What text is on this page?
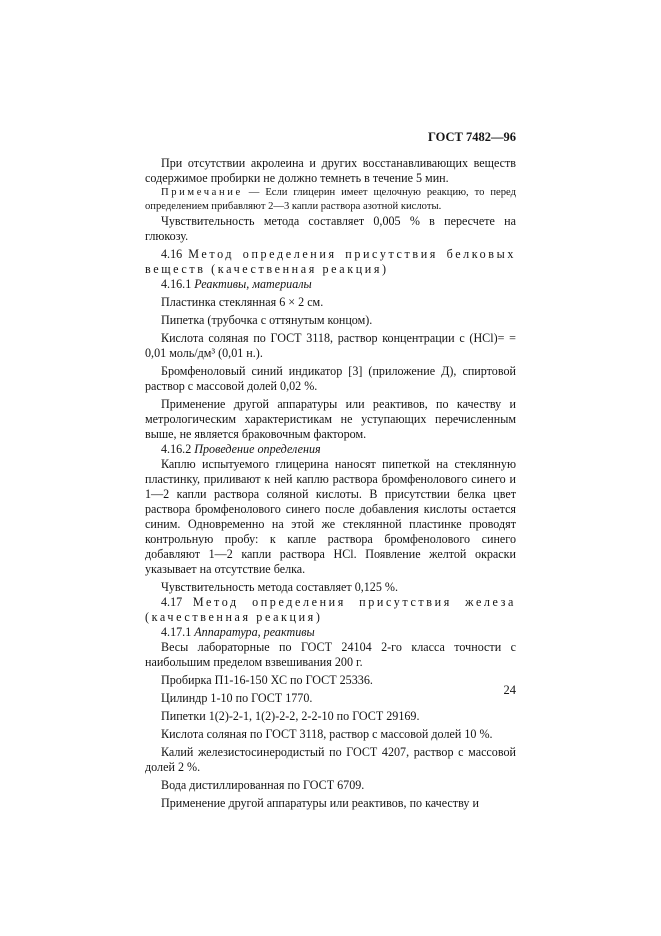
ГОСТ 7482—96

При отсутствии акролеина и других восстанавливающих веществ содержимое пробирки не должно темнеть в течение 5 мин.

Примечание — Если глицерин имеет щелочную реакцию, то перед определением прибавляют 2—3 капли раствора азотной кислоты.

Чувствительность метода составляет 0,005 % в пересчете на глюкозу.

4.16 Метод определения присутствия белковых веществ (качественная реакция)

4.16.1 Реактивы, материалы

Пластинка стеклянная 6 × 2 см.

Пипетка (трубочка с оттянутым концом).

Кислота соляная по ГОСТ 3118, раствор концентрации c (HCl)= = 0,01 моль/дм³ (0,01 н.).

Бромфеноловый синий индикатор [3] (приложение Д), спиртовой раствор с массовой долей 0,02 %.

Применение другой аппаратуры или реактивов, по качеству и метрологическим характеристикам не уступающих перечисленным выше, не является браковочным фактором.

4.16.2 Проведение определения

Каплю испытуемого глицерина наносят пипеткой на стеклянную пластинку, приливают к ней каплю раствора бромфенолового синего и 1—2 капли раствора соляной кислоты. В присутствии белка цвет раствора бромфенолового синего после добавления кислоты остается синим. Одновременно на этой же стеклянной пластинке проводят контрольную пробу: к капле раствора бромфенолового синего добавляют 1—2 капли раствора HCl. Появление желтой окраски указывает на отсутствие белка.

Чувствительность метода составляет 0,125 %.

4.17 Метод определения присутствия железа (качественная реакция)

4.17.1 Аппаратура, реактивы

Весы лабораторные по ГОСТ 24104 2-го класса точности с наибольшим пределом взвешивания 200 г.

Пробирка П1-16-150 ХС по ГОСТ 25336.

Цилиндр 1-10 по ГОСТ 1770.

Пипетки 1(2)-2-1, 1(2)-2-2, 2-2-10 по ГОСТ 29169.

Кислота соляная по ГОСТ 3118, раствор с массовой долей 10 %.

Калий железистосинеродистый по ГОСТ 4207, раствор с массовой долей 2 %.

Вода дистиллированная по ГОСТ 6709.

Применение другой аппаратуры или реактивов, по качеству и

24
